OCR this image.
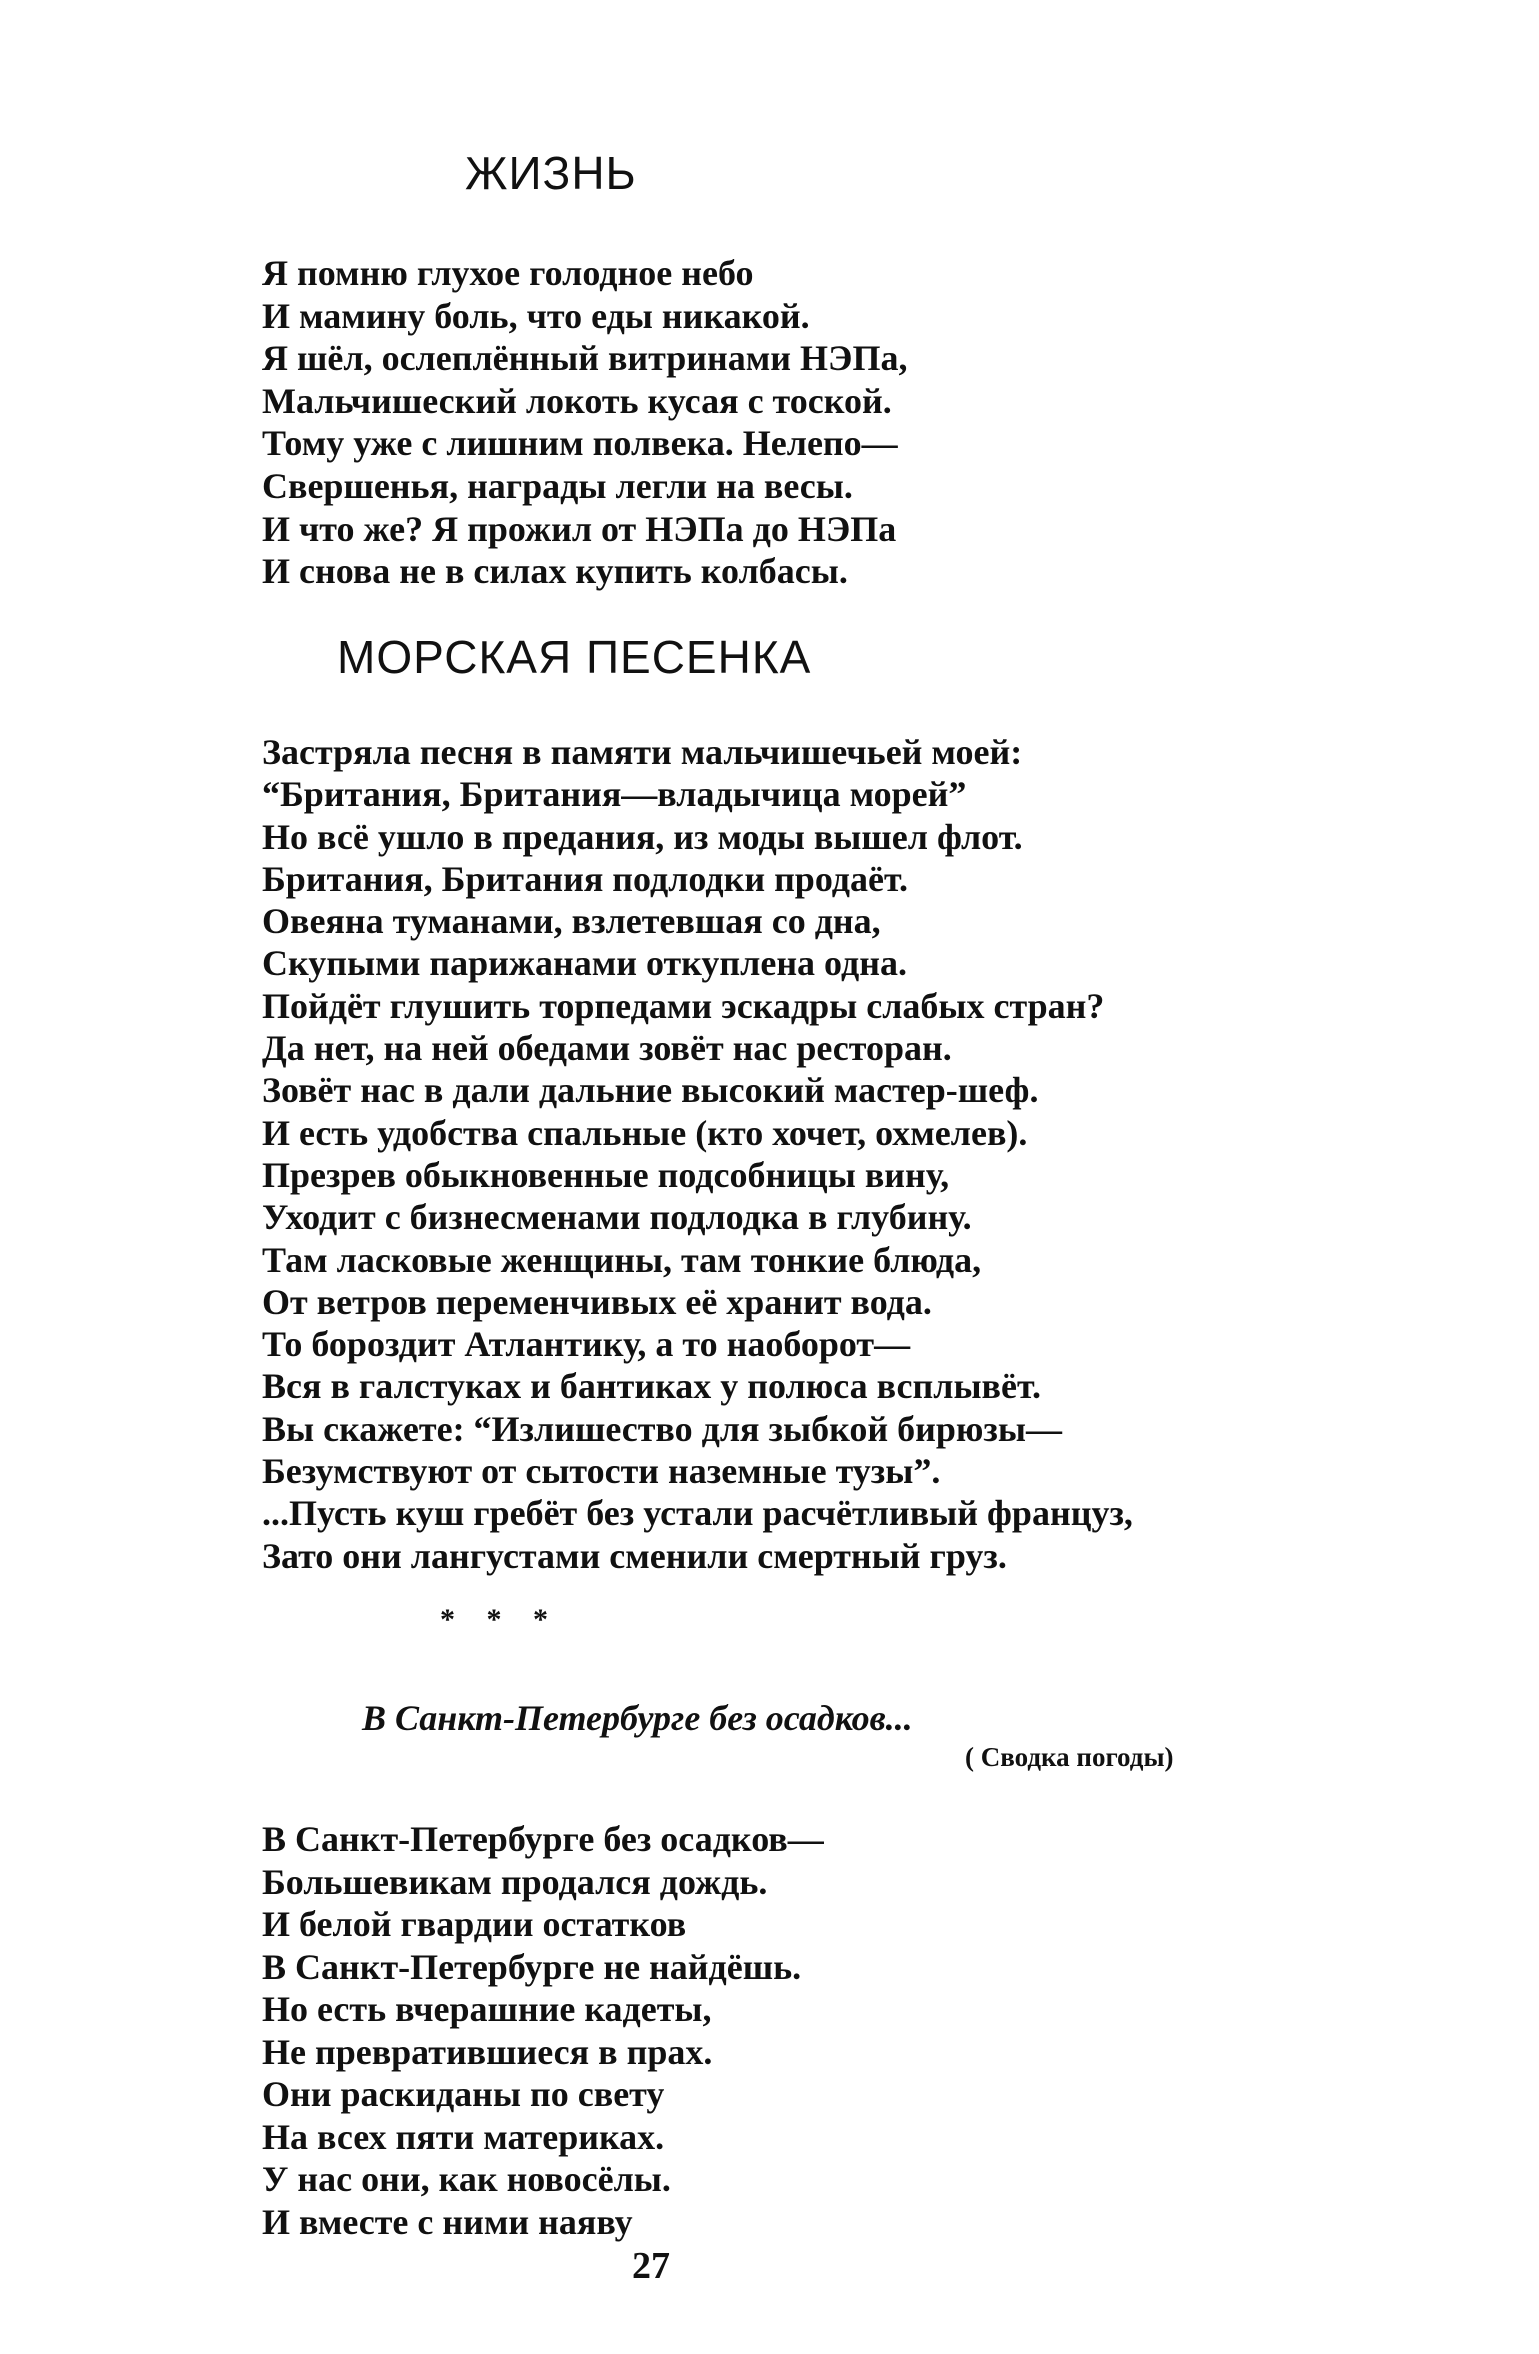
ЖИЗНЬ
Я помню глухое голодное небо
И мамину боль, что еды никакой.
Я шёл, ослеплённый витринами НЭПа,
Мальчишеский локоть кусая с тоской.
Тому уже с лишним полвека. Нелепо—
Свершенья, награды легли на весы.
И что же? Я прожил от НЭПа до НЭПа
И снова не в силах купить колбасы.
МОРСКАЯ ПЕСЕНКА
Застряла песня в памяти мальчишечьей моей:
“Британия, Британия—владычица морей”
Но всё ушло в предания, из моды вышел флот.
Британия, Британия подлодки продаёт.
Овеяна туманами, взлетевшая со дна,
Скупыми парижанами откуплена одна.
Пойдёт глушить торпедами эскадры слабых стран?
Да нет, на ней обедами зовёт нас ресторан.
Зовёт нас в дали дальние высокий мастер-шеф.
И есть удобства спальные (кто хочет, охмелев).
Презрев обыкновенные подсобницы вину,
Уходит с бизнесменами подлодка в глубину.
Там ласковые женщины, там тонкие блюда,
От ветров переменчивых её хранит вода.
То бороздит Атлантику, а то наоборот—
Вся в галстуках и бантиках у полюса всплывёт.
Вы скажете: “Излишество для зыбкой бирюзы—
Безумствуют от сытости наземные тузы”.
...Пусть куш гребёт без устали расчётливый француз,
Зато они лангустами сменили смертный груз.
* * *
В Санкт-Петербурге без осадков...
( Сводка погоды)
В Санкт-Петербурге без осадков—
Большевикам продался дождь.
И белой гвардии остатков
В Санкт-Петербурге не найдёшь.
Но есть вчерашние кадеты,
Не превратившиеся в прах.
Они раскиданы по свету
На всех пяти материках.
У нас они, как новосёлы.
И вместе с ними наяву
27
